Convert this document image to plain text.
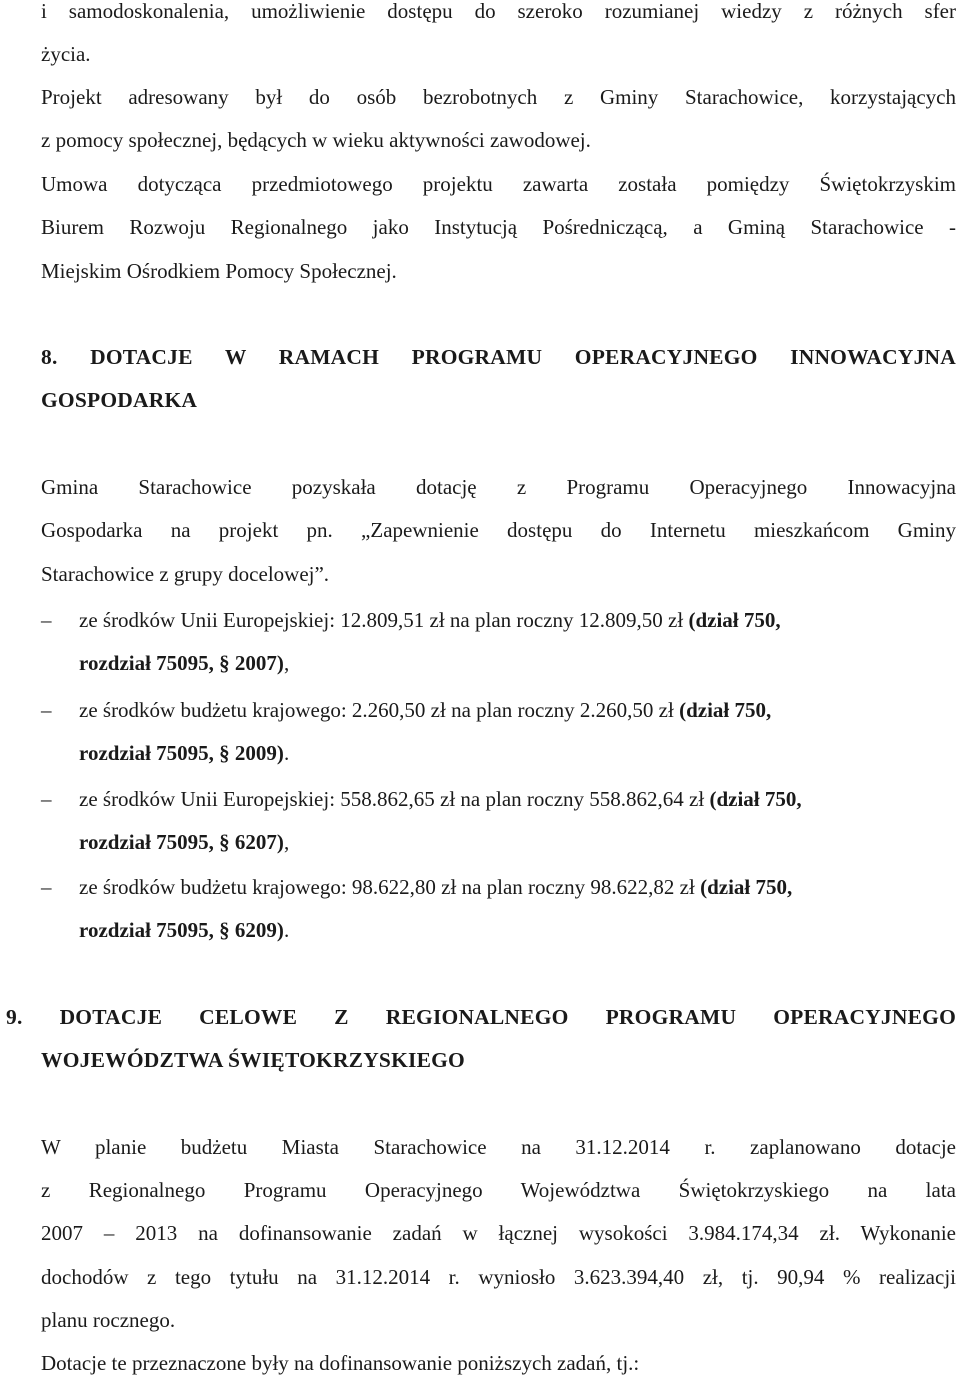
i samodoskonalenia, umożliwienie dostępu do szeroko rozumianej wiedzy z różnych sfer
życia.
Projekt adresowany był do osób bezrobotnych z Gminy Starachowice, korzystających
z pomocy społecznej, będących w wieku aktywności zawodowej.
Umowa dotycząca przedmiotowego projektu zawarta została pomiędzy Świętokrzyskim
Biurem Rozwoju Regionalnego jako Instytucją Pośredniczącą, a Gminą Starachowice -
Miejskim Ośrodkiem Pomocy Społecznej.
8. DOTACJE W RAMACH PROGRAMU OPERACYJNEGO INNOWACYJNA
GOSPODARKA
Gmina Starachowice pozyskała dotację z Programu Operacyjnego Innowacyjna
Gospodarka na projekt pn. „Zapewnienie dostępu do Internetu mieszkańcom Gminy
Starachowice z grupy docelowej”.
–	ze środków Unii Europejskiej: 12.809,51 zł na plan roczny 12.809,50 zł (dział 750,
rozdział 75095, § 2007),
–	ze środków budżetu krajowego: 2.260,50 zł na plan roczny 2.260,50 zł (dział 750,
rozdział 75095, § 2009).
–	ze środków Unii Europejskiej: 558.862,65 zł na plan roczny 558.862,64 zł (dział 750,
rozdział 75095, § 6207),
–	ze środków budżetu krajowego: 98.622,80 zł na plan roczny 98.622,82 zł (dział 750,
rozdział 75095, § 6209).
9. DOTACJE CELOWE Z REGIONALNEGO PROGRAMU OPERACYJNEGO
WOJEWÓDZTWA ŚWIĘTOKRZYSKIEGO
W planie budżetu Miasta Starachowice na 31.12.2014 r. zaplanowano dotacje
z Regionalnego Programu Operacyjnego Województwa Świętokrzyskiego na lata
2007 – 2013 na dofinansowanie zadań w łącznej wysokości 3.984.174,34 zł. Wykonanie
dochodów z tego tytułu na 31.12.2014 r. wyniosło 3.623.394,40 zł, tj. 90,94 % realizacji
planu rocznego.
Dotacje te przeznaczone były na dofinansowanie poniższych zadań, tj.:
